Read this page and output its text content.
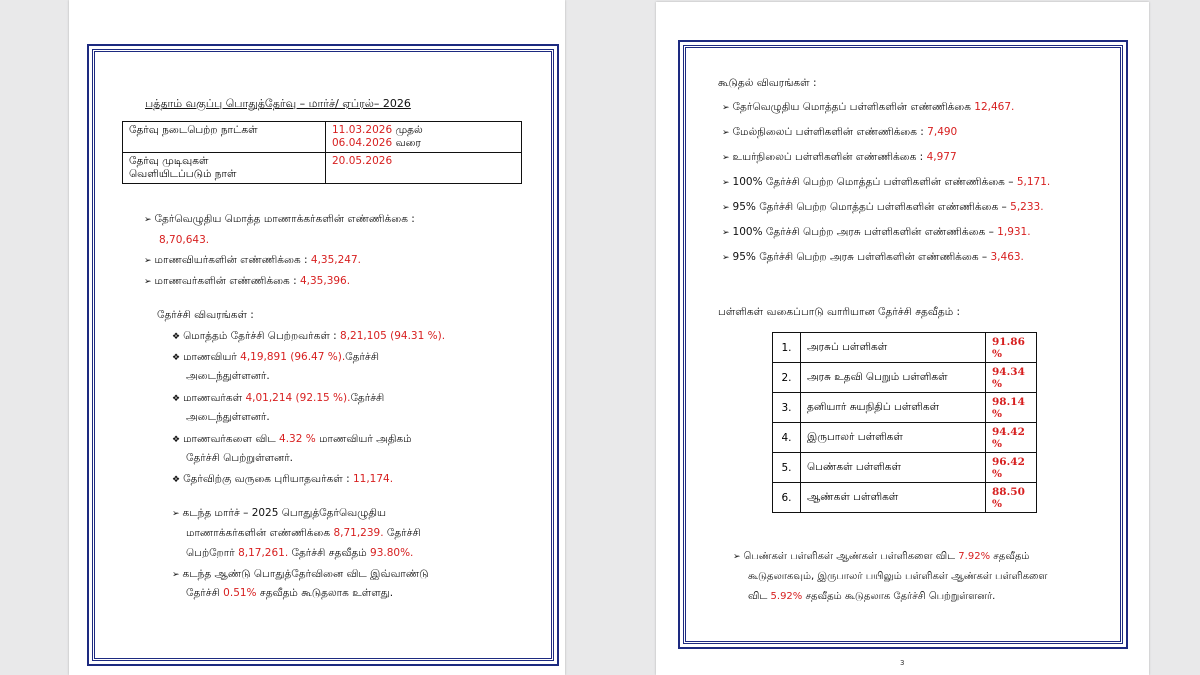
பத்தாம் வகுப்பு பொதுத்தேர்வு – மார்ச்/ ஏப்ரல்– 2026
தேர்வு நடைபெற்ற நாட்கள்	11.03.2026 முதல்
06.04.2026 வரை
தேர்வு முடிவுகள்
வெளியிடப்படும் நாள்	20.05.2026
➢ தேர்வெழுதிய மொத்த மாணாக்கர்களின் எண்ணிக்கை :
8,70,643.
➢ மாணவியர்களின் எண்ணிக்கை : 4,35,247.
➢ மாணவர்களின் எண்ணிக்கை : 4,35,396.
தேர்ச்சி விவரங்கள் :
❖ மொத்தம் தேர்ச்சி பெற்றவர்கள் : 8,21,105 (94.31 %).
❖ மாணவியர் 4,19,891 (96.47 %).தேர்ச்சி
அடைந்துள்ளனர்.
❖ மாணவர்கள் 4,01,214 (92.15 %).தேர்ச்சி
அடைந்துள்ளனர்.
❖ மாணவர்களை விட 4.32 % மாணவியர் அதிகம்
தேர்ச்சி பெற்றுள்ளனர்.
❖ தேர்விற்கு வருகை புரியாதவர்கள் : 11,174.
➢ கடந்த மார்ச் – 2025 பொதுத்தேர்வெழுதிய
மாணாக்கர்களின் எண்ணிக்கை 8,71,239. தேர்ச்சி
பெற்றோர் 8,17,261. தேர்ச்சி சதவீதம் 93.80%.
➢ கடந்த ஆண்டு பொதுத்தேர்வினை விட இவ்வாண்டு
தேர்ச்சி 0.51% சதவீதம் கூடுதலாக உள்ளது.
கூடுதல் விவரங்கள் :
➢ தேர்வெழுதிய மொத்தப் பள்ளிகளின் எண்ணிக்கை 12,467.
➢ மேல்நிலைப் பள்ளிகளின் எண்ணிக்கை : 7,490
➢ உயர்நிலைப் பள்ளிகளின் எண்ணிக்கை : 4,977
➢ 100% தேர்ச்சி பெற்ற மொத்தப் பள்ளிகளின் எண்ணிக்கை – 5,171.
➢ 95% தேர்ச்சி பெற்ற மொத்தப் பள்ளிகளின் எண்ணிக்கை – 5,233.
➢ 100% தேர்ச்சி பெற்ற அரசு பள்ளிகளின் எண்ணிக்கை – 1,931.
➢ 95% தேர்ச்சி பெற்ற அரசு பள்ளிகளின் எண்ணிக்கை – 3,463.
பள்ளிகள் வகைப்பாடு வாரியான தேர்ச்சி சதவீதம் :
1.	அரசுப் பள்ளிகள்	91.86 %
2.	அரசு உதவி பெறும் பள்ளிகள்	94.34 %
3.	தனியார் சுயநிதிப் பள்ளிகள்	98.14 %
4.	இருபாலர் பள்ளிகள்	94.42 %
5.	பெண்கள் பள்ளிகள்	96.42 %
6.	ஆண்கள் பள்ளிகள்	88.50 %
➢ பெண்கள் பள்ளிகள் ஆண்கள் பள்ளிகளை விட 7.92% சதவீதம்
கூடுதலாகவும், இருபாலர் பயிலும் பள்ளிகள் ஆண்கள் பள்ளிகளை
விட 5.92% சதவீதம் கூடுதலாக தேர்ச்சி பெற்றுள்ளனர்.
3
